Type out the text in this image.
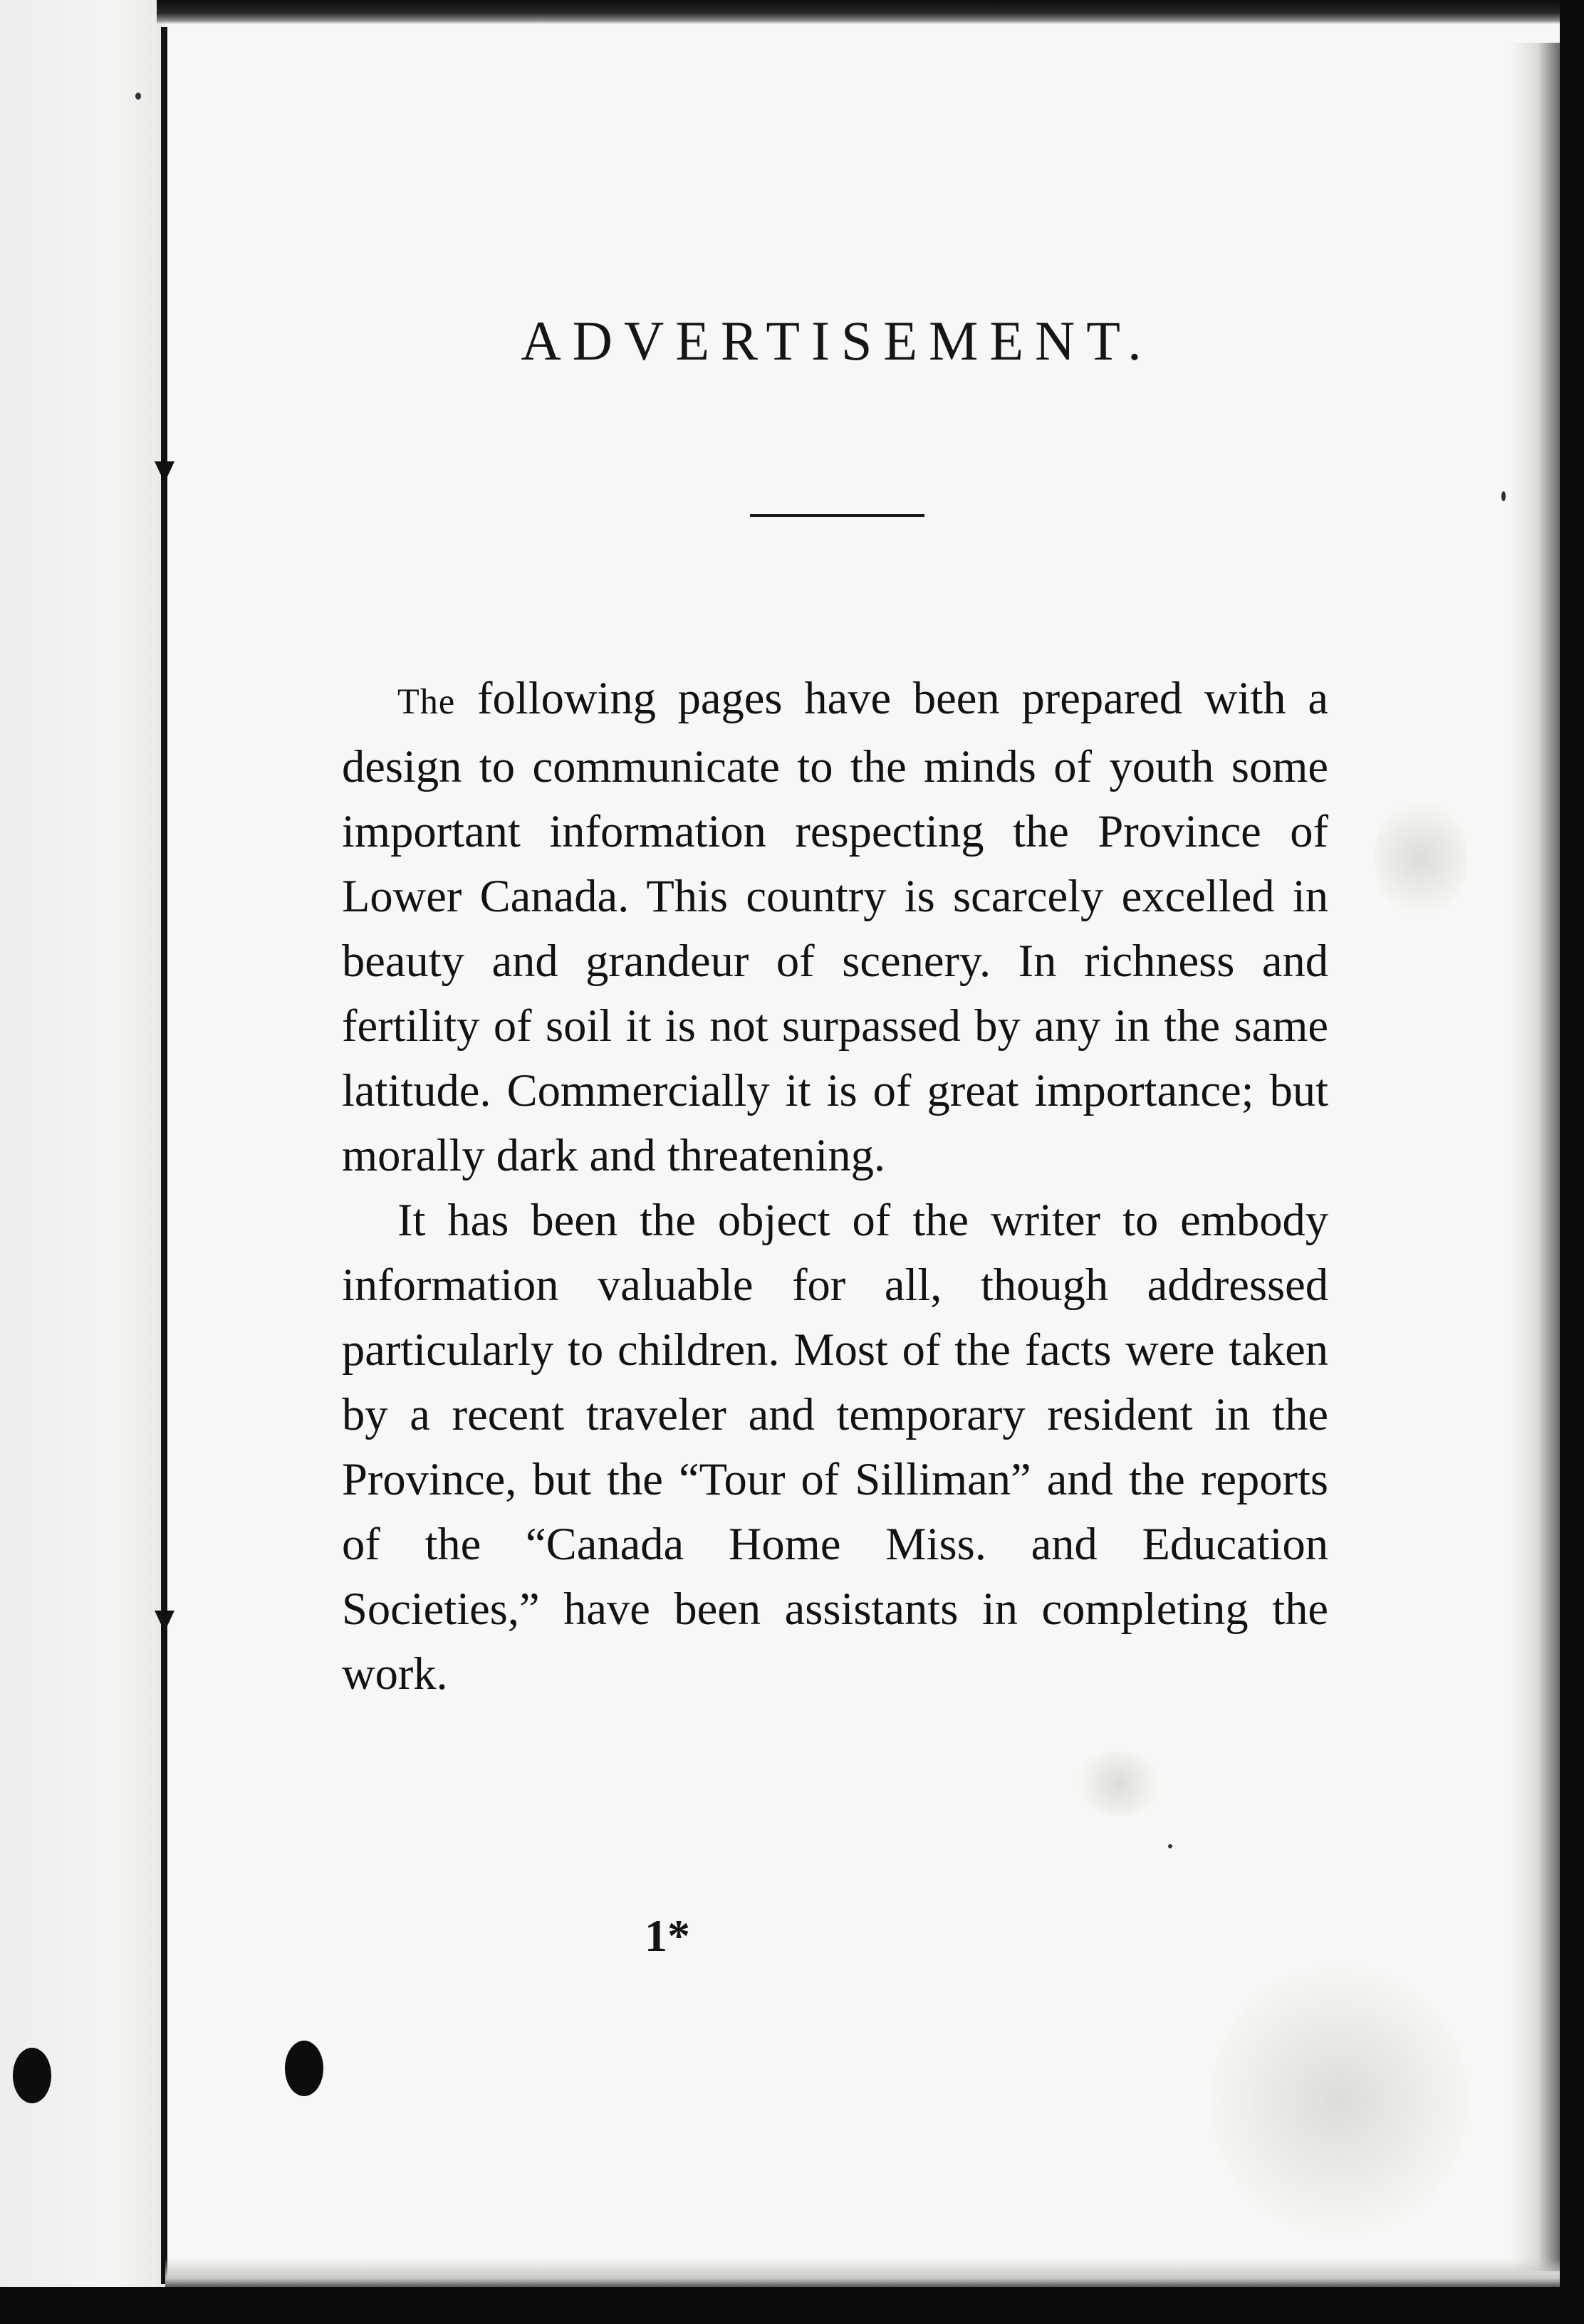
ADVERTISEMENT.

The following pages have been prepared with a design to communicate to the minds of youth some important information respecting the Province of Lower Canada. This country is scarcely excelled in beauty and grandeur of scenery. In richness and fertility of soil it is not surpassed by any in the same latitude. Commercially it is of great importance; but morally dark and threatening.

It has been the object of the writer to embody information valuable for all, though addressed particularly to children. Most of the facts were taken by a recent traveler and temporary resident in the Province, but the “Tour of Silliman” and the reports of the “Canada Home Miss. and Education Societies,” have been assistants in completing the work.

1*
